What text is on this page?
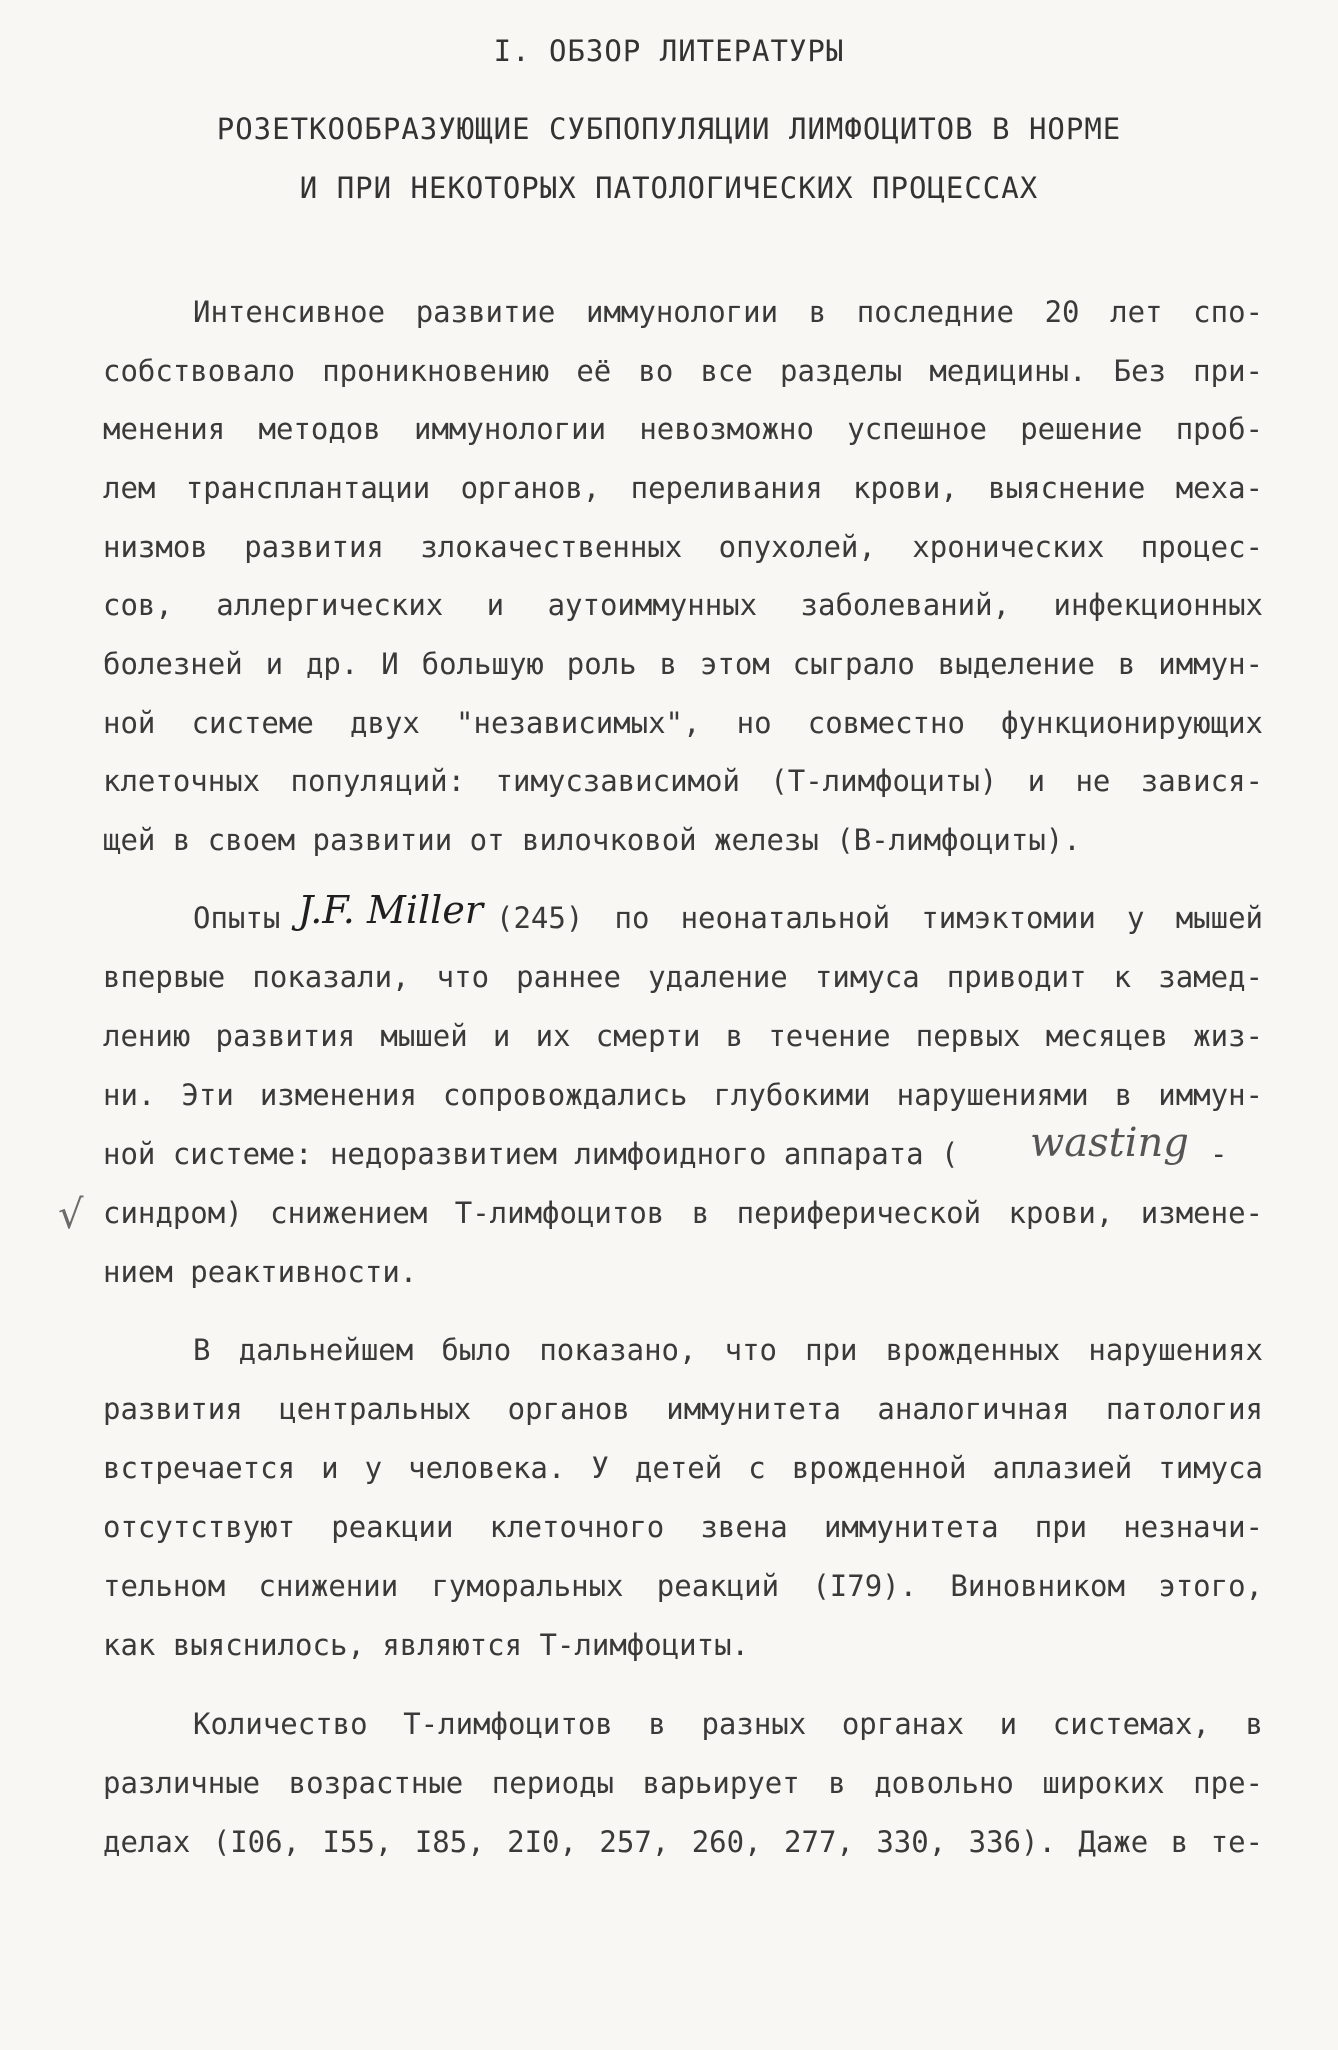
I. ОБЗОР ЛИТЕРАТУРЫ
РОЗЕТКООБРАЗУЮЩИЕ СУБПОПУЛЯЦИИ ЛИМФОЦИТОВ В НОРМЕ
И ПРИ НЕКОТОРЫХ ПАТОЛОГИЧЕСКИХ ПРОЦЕССАХ
Интенсивное развитие иммунологии в последние 20 лет спо-
собствовало проникновению её во все разделы медицины. Без при-
менения методов иммунологии невозможно успешное решение проб-
лем трансплантации органов, переливания крови, выяснение меха-
низмов развития злокачественных опухолей, хронических процес-
сов, аллергических и аутоиммунных заболеваний, инфекционных
болезней и др. И большую роль в этом сыграло выделение в иммун-
ной системе двух "независимых", но совместно функционирующих
клеточных популяций: тимусзависимой (Т-лимфоциты) и не завися-
щей в своем развитии от вилочковой железы (В-лимфоциты).
Опыты J.F. Miller (245) по неонатальной тимэктомии у мышей
впервые показали, что раннее удаление тимуса приводит к замед-
лению развития мышей и их смерти в течение первых месяцев жиз-
ни. Эти изменения сопровождались глубокими нарушениями в иммун-
ной системе: недоразвитием лимфоидного аппарата ( wasting -
√ синдром) снижением Т-лимфоцитов в периферической крови, измене-
нием реактивности.
В дальнейшем было показано, что при врожденных нарушениях
развития центральных органов иммунитета аналогичная патология
встречается и у человека. У детей с врожденной аплазией тимуса
отсутствуют реакции клеточного звена иммунитета при незначи-
тельном снижении гуморальных реакций (I79). Виновником этого,
как выяснилось, являются Т-лимфоциты.
Количество Т-лимфоцитов в разных органах и системах, в
различные возрастные периоды варьирует в довольно широких пре-
делах (I06, I55, I85, 2I0, 257, 260, 277, 330, 336). Даже в те-
